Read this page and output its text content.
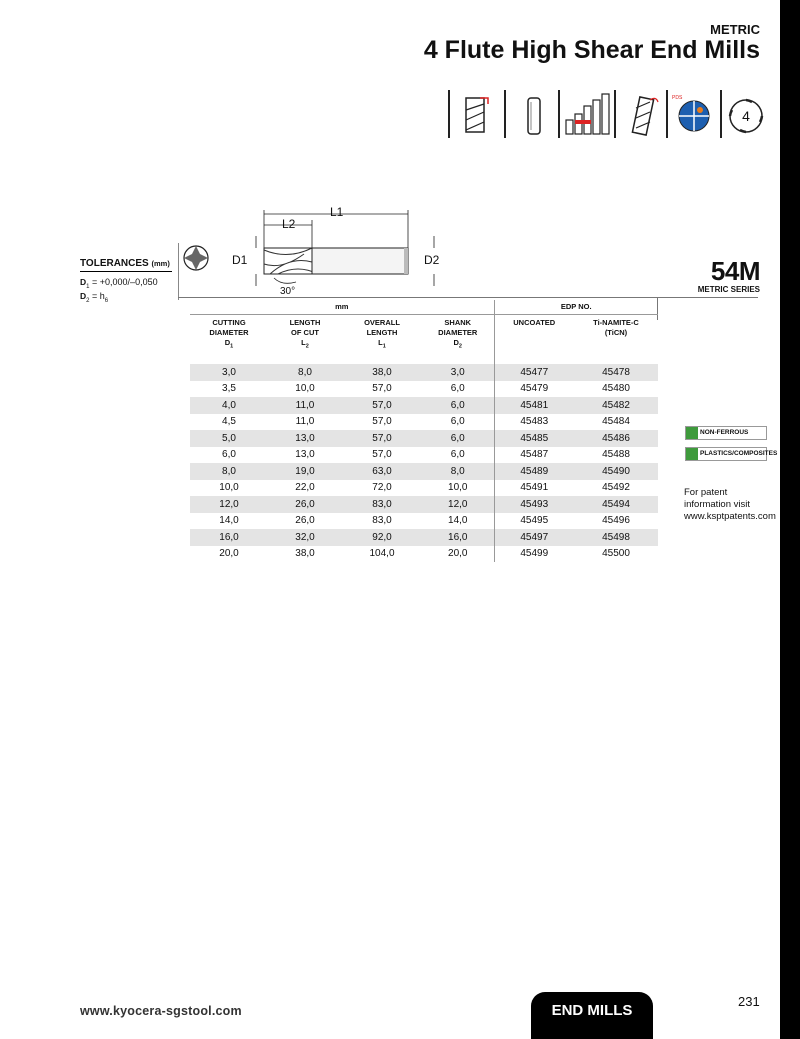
METRIC
4 Flute High Shear End Mills
PDS
4
L1
L2
D1	D2
30°
TOLERANCES (mm)
$D_1 = +0,000/-0,050$
$D_2 = h_6$
54M
METRIC SERIES
mm				EDP NO.	
CUTTING
DIAMETER
$D_1$	LENGTH
OF CUT
$L_2$	OVERALL
LENGTH
$L_1$	SHANK
DIAMETER
$D_2$	UNCOATED	Ti-NAMITE-C
(TiCN)
3,0	8,0	38,0	3,0	45477	45478
3,5	10,0	57,0	6,0	45479	45480
4,0	11,0	57,0	6,0	45481	45482
4,5	11,0	57,0	6,0	45483	45484
5,0	13,0	57,0	6,0	45485	45486
6,0	13,0	57,0	6,0	45487	45488
8,0	19,0	63,0	8,0	45489	45490
10,0	22,0	72,0	10,0	45491	45492
12,0	26,0	83,0	12,0	45493	45494
14,0	26,0	83,0	14,0	45495	45496
16,0	32,0	92,0	16,0	45497	45498
20,0	38,0	104,0	20,0	45499	45500
NON-FERROUS
PLASTICS/COMPOSITES
For patent
information visit
www.ksptpatents.com
www.kyocera-sgstool.com	END MILLS
231
